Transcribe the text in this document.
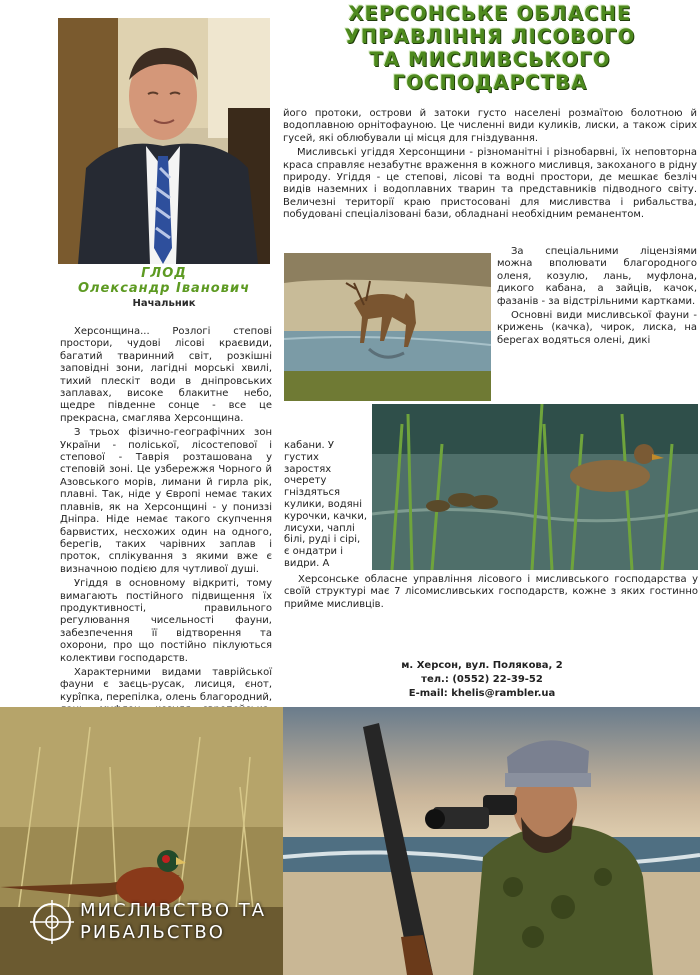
ХЕРСОНСЬКЕ ОБЛАСНЕ
УПРАВЛІННЯ ЛІСОВОГО
ТА МИСЛИВСЬКОГО
ГОСПОДАРСТВА
ГЛОД
Олександр Іванович
Начальник

Херсонщина... Розлогі степові простори, чудові лісові краєвиди, багатий тваринний світ, розкішні заповідні зони, лагідні морські хвилі, тихий плескіт води в дніпровських заплавах, високе блакитне небо, щедре південне сонце - все це прекрасна, смаглява Херсонщина.

З трьох фізично-географічних зон України - поліської, лісостепової і степової - Таврія розташована у степовій зоні. Це узбережжя Чорного й Азовського морів, лимани й гирла рік, плавні. Так, ніде у Європі немає таких плавнів, як на Херсонщині - у пониззі Дніпра. Ніде немає такого скупчення барвистих, несхожих один на одного, берегів, таких чарівних заплав і проток, сплікування з якими вже є визначною подією для чутливої душі.

Угіддя в основному відкриті, тому вимагають постійного підвищення їх продуктивності, правильного регулювання чисельності фауни, забезпечення її відтворення та охорони, про що постійно піклуються колективи господарств.

Характерними видами таврійської фауни є заєць-русак, лисиця, єнот, курîпка, перепілка, олень благородний,

його протоки, острови й затоки густо населені розмаїтою болотною й водоплавною орнітофауною. Це численні види куликів, лиски, а також сірих гусей, які облюбували ці місця для гніздування.

Мисливські угіддя Херсонщини - різноманітні і різнобарвні, їх неповторна краса справляє незабутнє враження в кожного мисливця, закоханого в рідну природу. Угіддя - це степові, лісові та водні простори, де мешкає безліч видів наземних і водоплавних тварин та представників підводного світу. Величезні території краю пристосовані для мисливства і рибальства, побудовані спеціалізовані бази, обладнані необхідним реманентом.

За спеціальними ліцензіями можна вполювати благородного оленя, козулю, лань, муфлона, дикого кабана, а зайців, качок, фазанів - за відстрільними картками.

Основні види мисливської фауни - крижень (качка), чирок, лиска, на берегах водяться олені, дикі

кабани. У густих заростях очерету гніздяться кулики, водяні курочки, качки, лисухи, чаплі білі, руді і сірі, є ондатри і видри. А

Херсонське обласне управління лісового і мисливського господарства у своїй структурі має 7 лісомисливських господарств, кожне з яких гостинно прийме мисливців.

м. Херсон, вул. Полякова, 2
тел.: (0552) 22-39-52
E-mail: khelis@rambler.ua
МИСЛИВСТВО ТА
РИБАЛЬСТВО
